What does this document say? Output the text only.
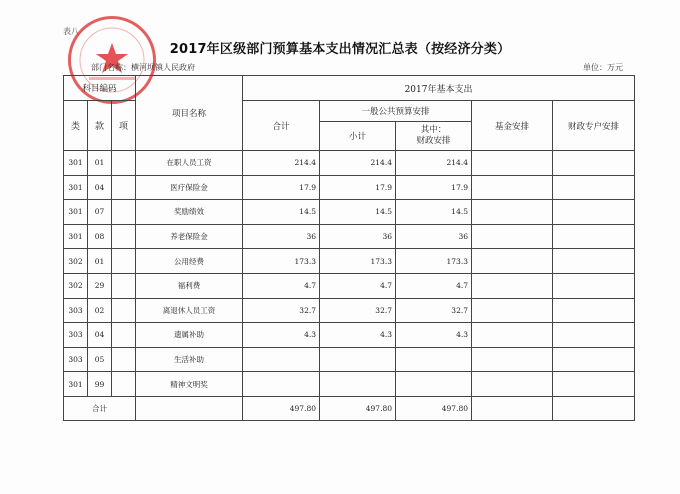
表八
2017年区级部门预算基本支出情况汇总表（按经济分类）
部门名称：横河坝镇人民政府	单位：万元
科目编码			项目名称	2017年基本支出				
类	款	项		合计	一般公共预算安排		基金安排	财政专户安排
					小计	其中：
财政安排		

301	01		在职人员工资	214.4	214.4	214.4		
301	04		医疗保险金	17.9	17.9	17.9		
301	07		奖励绩效	14.5	14.5	14.5		
301	08		养老保险金	36	36	36		
302	01		公用经费	173.3	173.3	173.3		
302	29		福利费	4.7	4.7	4.7		
303	02		离退休人员工资	32.7	32.7	32.7		
303	04		遗属补助	4.3	4.3	4.3		
303	05		生活补助					
301	99		精神文明奖					
合计				497.80	497.80	497.80		
